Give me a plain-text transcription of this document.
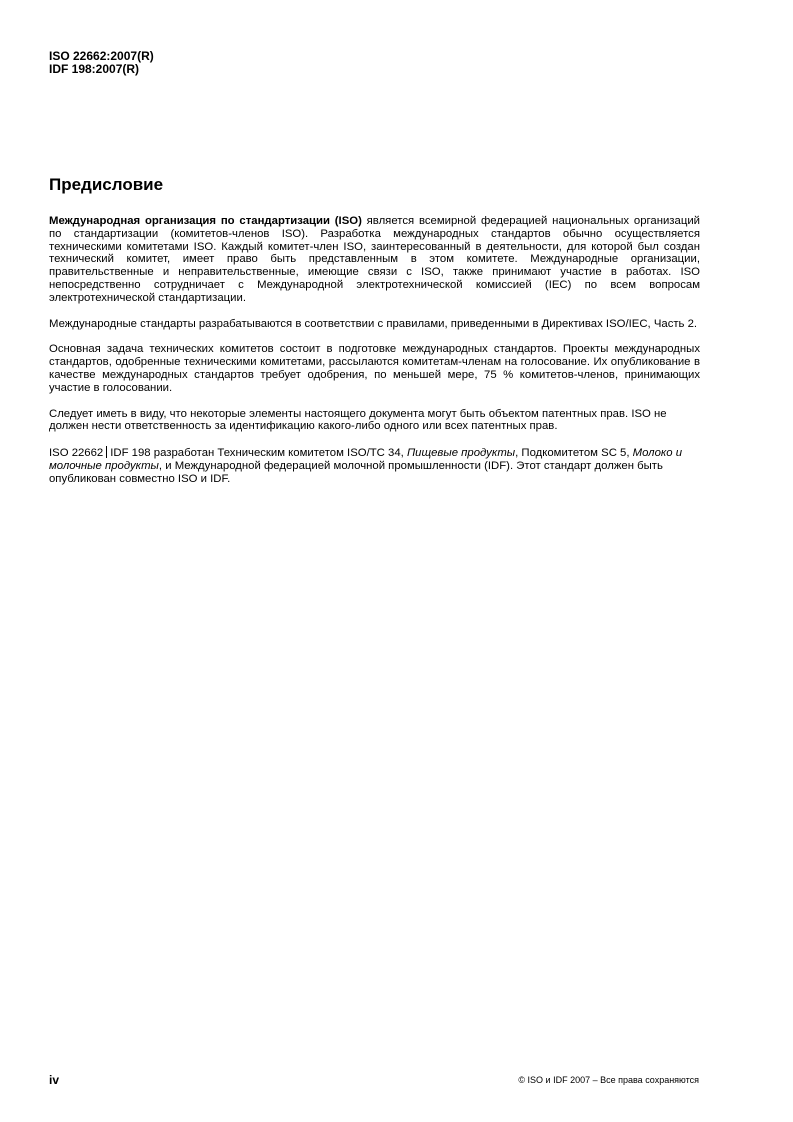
ISO 22662:2007(R)
IDF 198:2007(R)
Предисловие

Международная организация по стандартизации (ISO) является всемирной федерацией национальных организаций по стандартизации (комитетов-членов ISO). Разработка международных стандартов обычно осуществляется техническими комитетами ISO. Каждый комитет-член ISO, заинтересованный в деятельности, для которой был создан технический комитет, имеет право быть представленным в этом комитете. Международные организации, правительственные и неправительственные, имеющие связи с ISO, также принимают участие в работах. ISO непосредственно сотрудничает с Международной электротехнической комиссией (IEC) по всем вопросам электротехнической стандартизации.

Международные стандарты разрабатываются в соответствии с правилами, приведенными в Директивах ISO/IEC, Часть 2.

Основная задача технических комитетов состоит в подготовке международных стандартов. Проекты международных стандартов, одобренные техническими комитетами, рассылаются комитетам-членам на голосование. Их опубликование в качестве международных стандартов требует одобрения, по меньшей мере, 75 % комитетов-членов, принимающих участие в голосовании.

Следует иметь в виду, что некоторые элементы настоящего документа могут быть объектом патентных прав. ISO не должен нести ответственность за идентификацию какого-либо одного или всех патентных прав.

ISO 22662 IDF 198 разработан Техническим комитетом ISO/TC 34, Пищевые продукты, Подкомитетом SC 5, Молоко и молочные продукты, и Международной федерацией молочной промышленности (IDF). Этот стандарт должен быть опубликован совместно ISO и IDF.

iv	© ISO и IDF 2007 – Все права сохраняются
